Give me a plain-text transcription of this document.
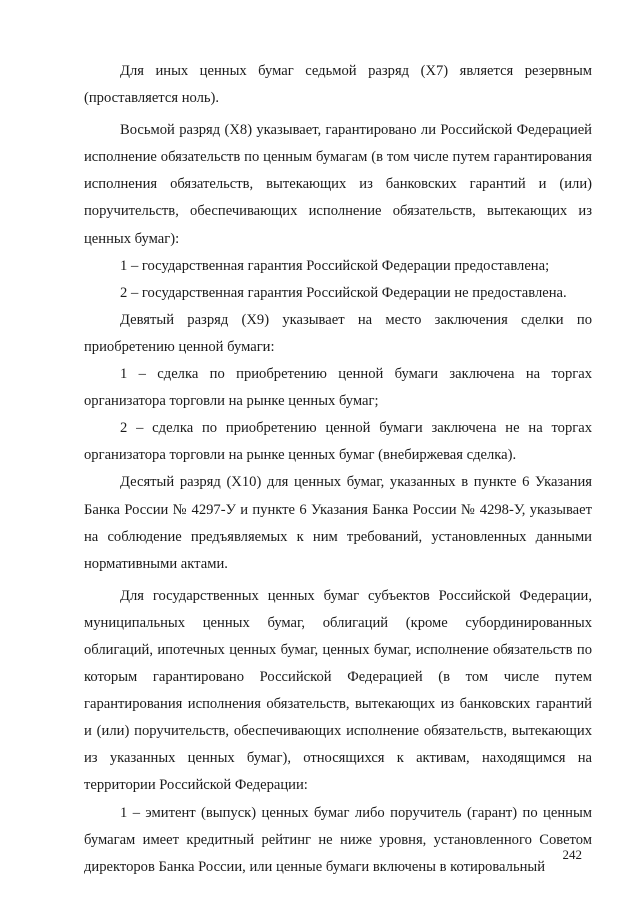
Для иных ценных бумаг седьмой разряд (X7) является резервным (проставляется ноль).

Восьмой разряд (X8) указывает, гарантировано ли Российской Федерацией исполнение обязательств по ценным бумагам (в том числе путем гарантирования исполнения обязательств, вытекающих из банковских гарантий и (или) поручительств, обеспечивающих исполнение обязательств, вытекающих из ценных бумаг):

1 – государственная гарантия Российской Федерации предоставлена;

2 – государственная гарантия Российской Федерации не предоставлена.

Девятый разряд (X9) указывает на место заключения сделки по приобретению ценной бумаги:

1 – сделка по приобретению ценной бумаги заключена на торгах организатора торговли на рынке ценных бумаг;

2 – сделка по приобретению ценной бумаги заключена не на торгах организатора торговли на рынке ценных бумаг (внебиржевая сделка).

Десятый разряд (X10) для ценных бумаг, указанных в пункте 6 Указания Банка России № 4297-У и пункте 6 Указания Банка России № 4298-У, указывает на соблюдение предъявляемых к ним требований, установленных данными нормативными актами.

Для государственных ценных бумаг субъектов Российской Федерации, муниципальных ценных бумаг, облигаций (кроме субординированных облигаций, ипотечных ценных бумаг, ценных бумаг, исполнение обязательств по которым гарантировано Российской Федерацией (в том числе путем гарантирования исполнения обязательств, вытекающих из банковских гарантий и (или) поручительств, обеспечивающих исполнение обязательств, вытекающих из указанных ценных бумаг), относящихся к активам, находящимся на территории Российской Федерации:

1 – эмитент (выпуск) ценных бумаг либо поручитель (гарант) по ценным бумагам имеет кредитный рейтинг не ниже уровня, установленного Советом директоров Банка России, или ценные бумаги включены в котировальный

242
